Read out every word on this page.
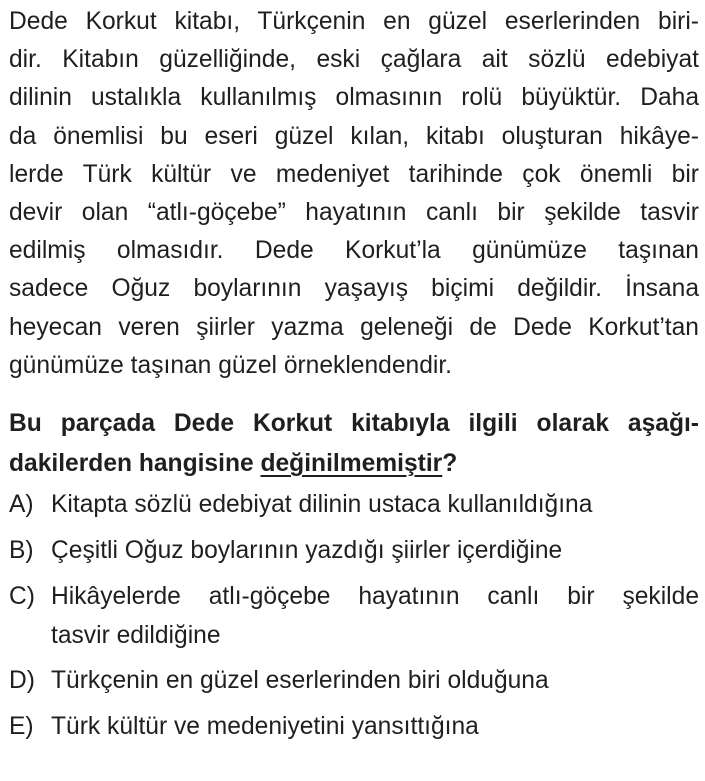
Dede Korkut kitabı, Türkçenin en güzel eserlerinden biri-
dir. Kitabın güzelliğinde, eski çağlara ait sözlü edebiyat
dilinin ustalıkla kullanılmış olmasının rolü büyüktür. Daha
da önemlisi bu eseri güzel kılan, kitabı oluşturan hikâye-
lerde Türk kültür ve medeniyet tarihinde çok önemli bir
devir olan “atlı-göçebe” hayatının canlı bir şekilde tasvir
edilmiş olmasıdır. Dede Korkut’la günümüze taşınan
sadece Oğuz boylarının yaşayış biçimi değildir. İnsana
heyecan veren şiirler yazma geleneği de Dede Korkut’tan
günümüze taşınan güzel örneklendendir.
Bu parçada Dede Korkut kitabıyla ilgili olarak aşağı-
dakilerden hangisine değinilmemiştir?
A) Kitapta sözlü edebiyat dilinin ustaca kullanıldığına
B) Çeşitli Oğuz boylarının yazdığı şiirler içerdiğine
C) Hikâyelerde atlı-göçebe hayatının canlı bir şekilde
tasvir edildiğine
D) Türkçenin en güzel eserlerinden biri olduğuna
E) Türk kültür ve medeniyetini yansıttığına
